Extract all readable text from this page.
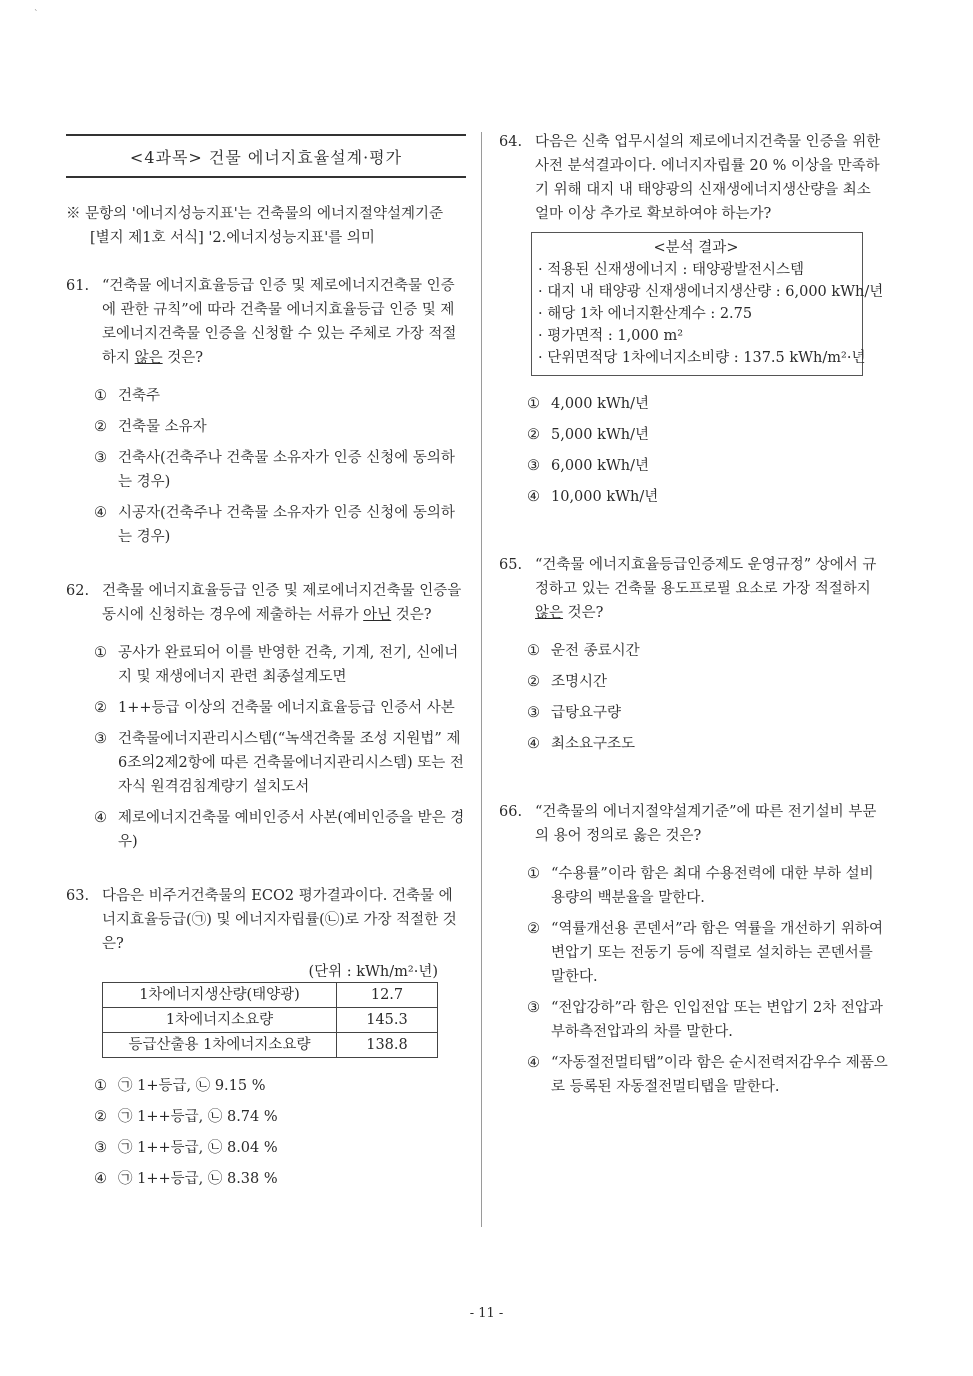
`
<4과목> 건물 에너지효율설계·평가
※ 문항의 '에너지성능지표'는 건축물의 에너지절약설계기준 [별지 제1호 서식] '2.에너지성능지표'를 의미
61. “건축물 에너지효율등급 인증 및 제로에너지건축물 인증에 관한 규칙”에 따라 건축물 에너지효율등급 인증 및 제로에너지건축물 인증을 신청할 수 있는 주체로 가장 적절하지 않은 것은?
① 건축주
② 건축물 소유자
③ 건축사(건축주나 건축물 소유자가 인증 신청에 동의하는 경우)
④ 시공자(건축주나 건축물 소유자가 인증 신청에 동의하는 경우)
62. 건축물 에너지효율등급 인증 및 제로에너지건축물 인증을 동시에 신청하는 경우에 제출하는 서류가 아닌 것은?
① 공사가 완료되어 이를 반영한 건축, 기계, 전기, 신에너지 및 재생에너지 관련 최종설계도면
② 1++등급 이상의 건축물 에너지효율등급 인증서 사본
③ 건축물에너지관리시스템(“녹색건축물 조성 지원법” 제6조의2제2항에 따른 건축물에너지관리시스템) 또는 전자식 원격검침계량기 설치도서
④ 제로에너지건축물 예비인증서 사본(예비인증을 받은 경우)
63. 다음은 비주거건축물의 ECO2 평가결과이다. 건축물 에너지효율등급(㉠) 및 에너지자립률(㉡)로 가장 적절한 것은?
(단위 : kWh/m²·년)
1차에너지생산량(태양광)	12.7
1차에너지소요량	145.3
등급산출용 1차에너지소요량	138.8
① ㉠ 1+등급, ㉡ 9.15 %
② ㉠ 1++등급, ㉡ 8.74 %
③ ㉠ 1++등급, ㉡ 8.04 %
④ ㉠ 1++등급, ㉡ 8.38 %
64. 다음은 신축 업무시설의 제로에너지건축물 인증을 위한 사전 분석결과이다. 에너지자립률 20 % 이상을 만족하기 위해 대지 내 태양광의 신재생에너지생산량을 최소 얼마 이상 추가로 확보하여야 하는가?
<분석 결과>
· 적용된 신재생에너지 : 태양광발전시스템
· 대지 내 태양광 신재생에너지생산량 : 6,000 kWh/년
· 해당 1차 에너지환산계수 : 2.75
· 평가면적 : 1,000 m²
· 단위면적당 1차에너지소비량 : 137.5 kWh/m²·년
① 4,000 kWh/년
② 5,000 kWh/년
③ 6,000 kWh/년
④ 10,000 kWh/년
65. “건축물 에너지효율등급인증제도 운영규정” 상에서 규정하고 있는 건축물 용도프로필 요소로 가장 적절하지 않은 것은?
① 운전 종료시간
② 조명시간
③ 급탕요구량
④ 최소요구조도
66. “건축물의 에너지절약설계기준”에 따른 전기설비 부문의 용어 정의로 옳은 것은?
① “수용률”이라 함은 최대 수용전력에 대한 부하 설비 용량의 백분율을 말한다.
② “역률개선용 콘덴서”라 함은 역률을 개선하기 위하여 변압기 또는 전동기 등에 직렬로 설치하는 콘덴서를 말한다.
③ “전압강하”라 함은 인입전압 또는 변압기 2차 전압과 부하측전압과의 차를 말한다.
④ “자동절전멀티탭”이라 함은 순시전력저감우수 제품으로 등록된 자동절전멀티탭을 말한다.
- 11 -
